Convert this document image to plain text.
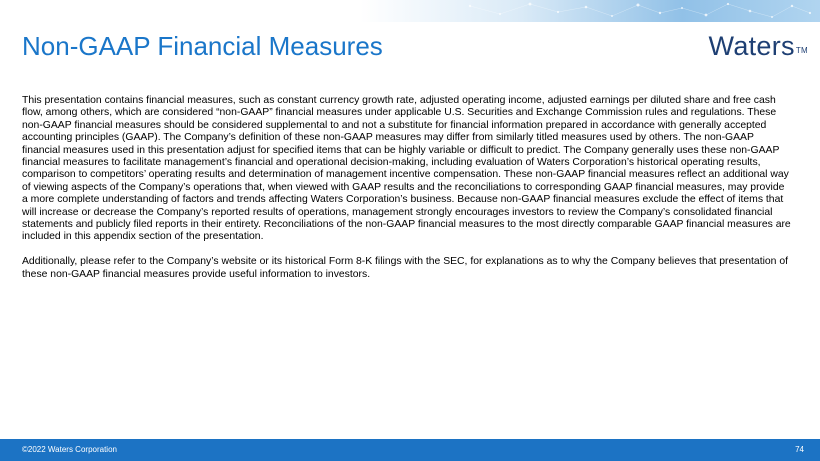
Non-GAAP Financial Measures	WatersTM

This presentation contains financial measures, such as constant currency growth rate, adjusted operating income, adjusted earnings per diluted share and free cash flow, among others, which are considered “non-GAAP” financial measures under applicable U.S. Securities and Exchange Commission rules and regulations. These non-GAAP financial measures should be considered supplemental to and not a substitute for financial information prepared in accordance with generally accepted accounting principles (GAAP). The Company’s definition of these non-GAAP measures may differ from similarly titled measures used by others. The non-GAAP financial measures used in this presentation adjust for specified items that can be highly variable or difficult to predict. The Company generally uses these non-GAAP financial measures to facilitate management’s financial and operational decision-making, including evaluation of Waters Corporation’s historical operating results, comparison to competitors’ operating results and determination of management incentive compensation. These non-GAAP financial measures reflect an additional way of viewing aspects of the Company’s operations that, when viewed with GAAP results and the reconciliations to corresponding GAAP financial measures, may provide a more complete understanding of factors and trends affecting Waters Corporation’s business. Because non-GAAP financial measures exclude the effect of items that will increase or decrease the Company’s reported results of operations, management strongly encourages investors to review the Company’s consolidated financial statements and publicly filed reports in their entirety. Reconciliations of the non-GAAP financial measures to the most directly comparable GAAP financial measures are included in this appendix section of the presentation.

Additionally, please refer to the Company’s website or its historical Form 8-K filings with the SEC, for explanations as to why the Company believes that presentation of these non-GAAP financial measures provide useful information to investors.

©2022 Waters Corporation	74
